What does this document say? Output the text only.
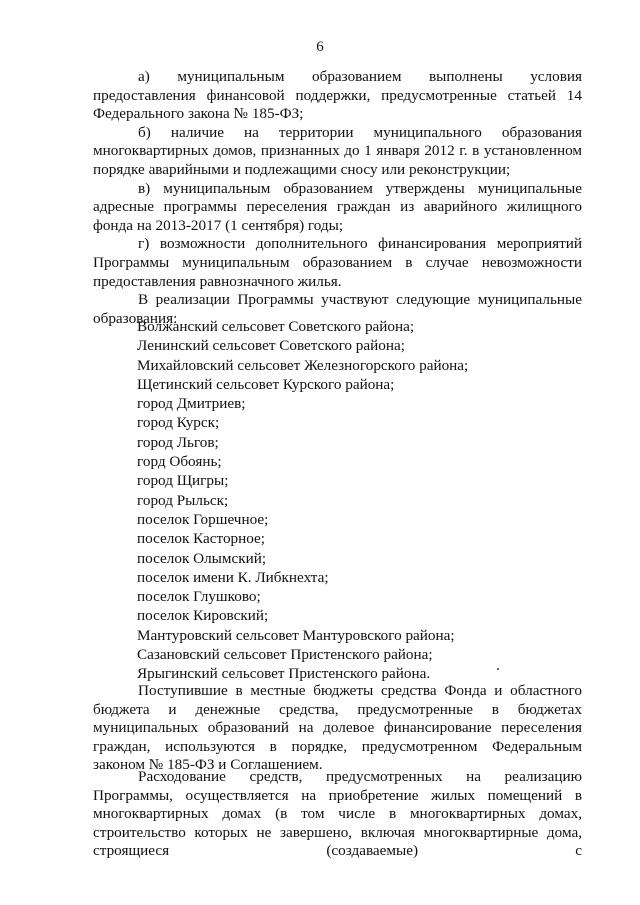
6

а) муниципальным образованием выполнены условия предоставления финансовой поддержки, предусмотренные статьей 14 Федерального закона № 185-ФЗ;

б) наличие на территории муниципального образования многоквартирных домов, признанных до 1 января 2012 г. в установленном порядке аварийными и подлежащими сносу или реконструкции;

в) муниципальным образованием утверждены муниципальные адресные программы переселения граждан из аварийного жилищного фонда на 2013-2017 (1 сентября) годы;

г) возможности дополнительного финансирования мероприятий Программы муниципальным образованием в случае невозможности предоставления равнозначного жилья.

В реализации Программы участвуют следующие муниципальные образования:

Волжанский сельсовет Советского района;
Ленинский сельсовет Советского района;
Михайловский сельсовет Железногорского района;
Щетинский сельсовет Курского района;
город Дмитриев;
город Курск;
город Льгов;
горд Обоянь;
город Щигры;
город Рыльск;
поселок Горшечное;
поселок Касторное;
поселок Олымский;
поселок имени К. Либкнехта;
поселок Глушково;
поселок Кировский;
Мантуровский сельсовет Мантуровского района;
Сазановский сельсовет Пристенского района;
Ярыгинский сельсовет Пристенского района.

Поступившие в местные бюджеты средства Фонда и областного бюджета и денежные средства, предусмотренные в бюджетах муниципальных образований на долевое финансирование переселения граждан, используются в порядке, предусмотренном Федеральным законом № 185-ФЗ и Соглашением.

Расходование средств, предусмотренных на реализацию Программы, осуществляется на приобретение жилых помещений в многоквартирных домах (в том числе в многоквартирных домах, строительство которых не завершено, включая многоквартирные дома, строящиеся (создаваемые) с
